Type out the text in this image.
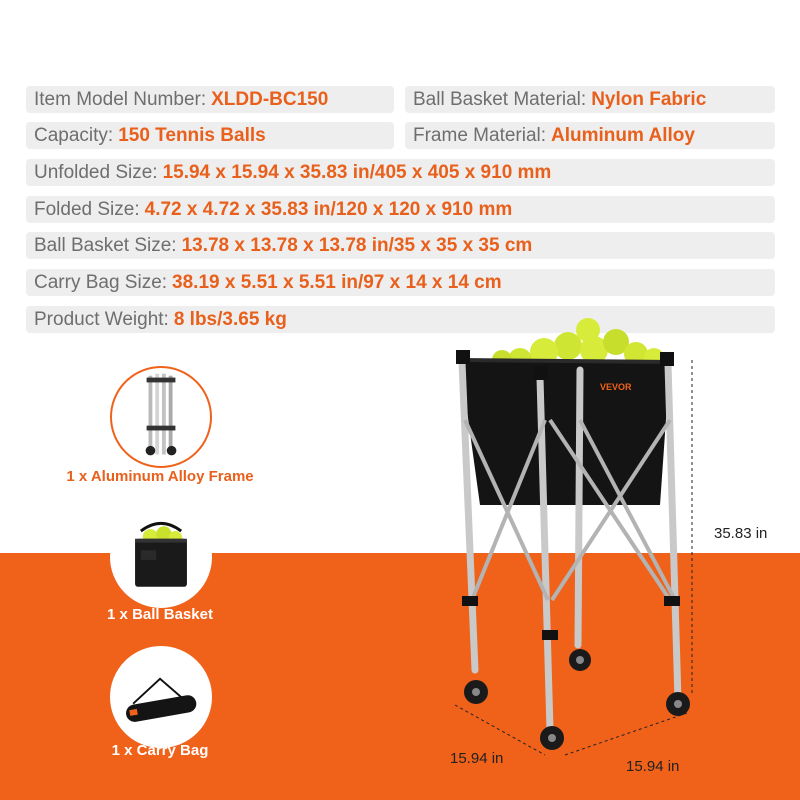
Item Model Number: XLDD-BC150	Ball Basket Material: Nylon Fabric
Capacity: 150 Tennis Balls	Frame Material: Aluminum Alloy
Unfolded Size: 15.94 x 15.94 x 35.83 in/405 x 405 x 910 mm
Folded Size: 4.72 x 4.72 x 35.83 in/120 x 120 x 910 mm
Ball Basket Size: 13.78 x 13.78 x 13.78 in/35 x 35 x 35 cm
Carry Bag Size: 38.19 x 5.51 x 5.51 in/97 x 14 x 14 cm
Product Weight: 8 lbs/3.65 kg
1 x Aluminum Alloy Frame
1 x Ball Basket
1 x Carry Bag
VEVOR
35.83 in
15.94 in	15.94 in
